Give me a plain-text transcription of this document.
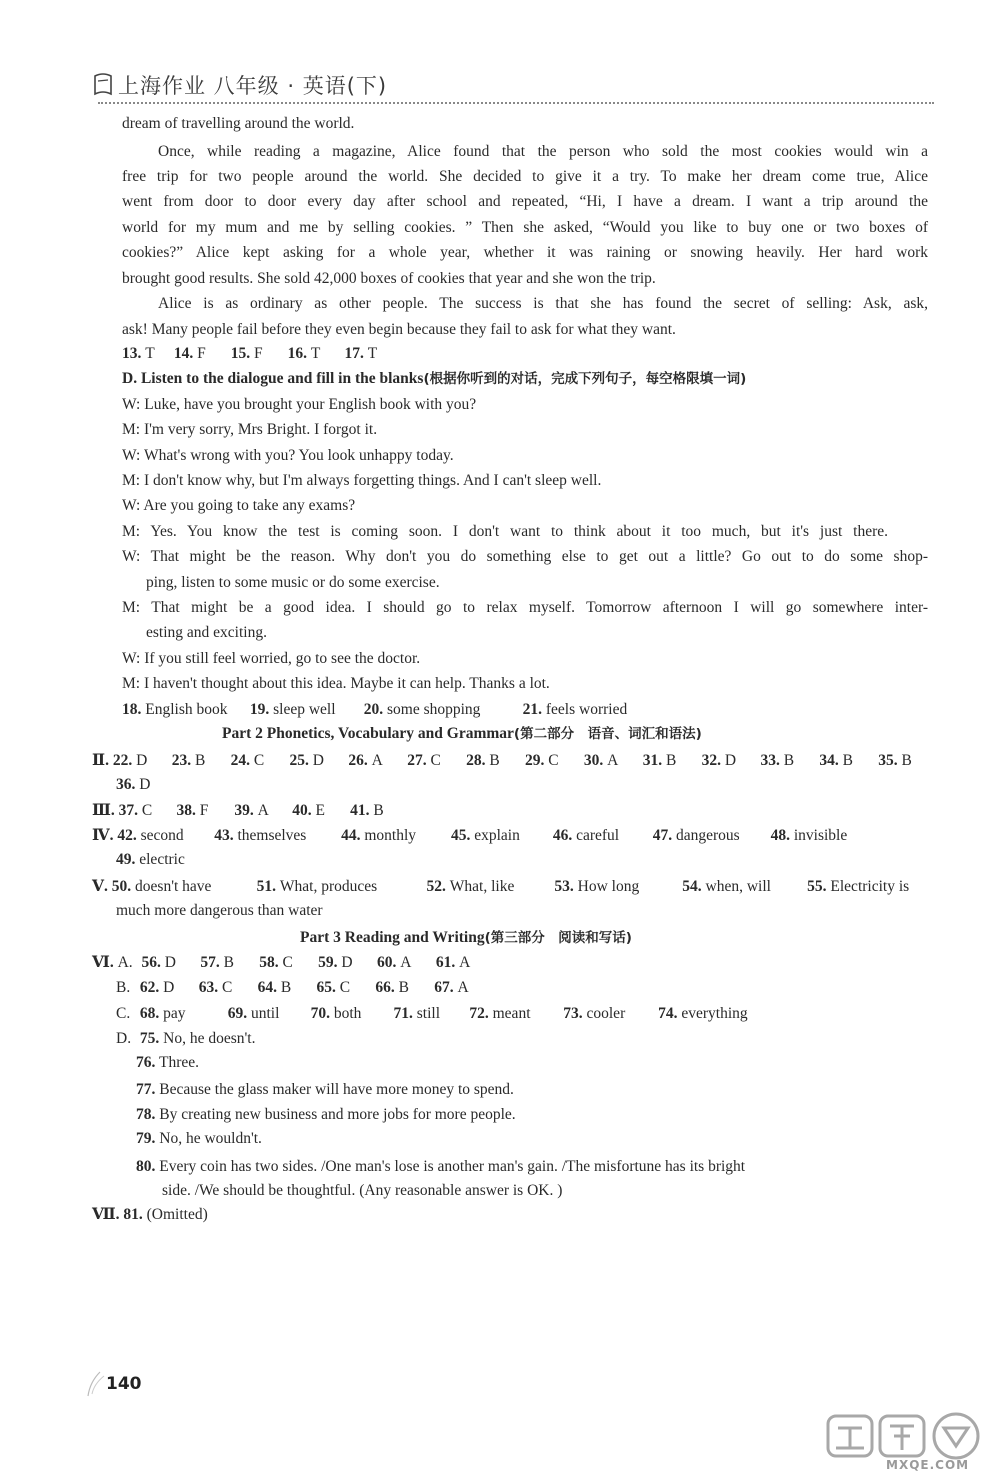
上海作业 八年级 · 英语(下)
dream of travelling around the world.
Once, while reading a magazine, Alice found that the person who sold the most cookies would win a
free trip for two people around the world. She decided to give it a try. To make her dream come true, Alice
went from door to door every day after school and repeated, “Hi, I have a dream. I want a trip around the
world for my mum and me by selling cookies. ” Then she asked, “Would you like to buy one or two boxes of
cookies?” Alice kept asking for a whole year, whether it was raining or snowing heavily. Her hard work
brought good results. She sold 42,000 boxes of cookies that year and she won the trip.
Alice is as ordinary as other people. The success is that she has found the secret of selling: Ask, ask,
ask! Many people fail before they even begin because they fail to ask for what they want.
13. T 14. F 15. F 16. T 17. T
D. Listen to the dialogue and fill in the blanks(根据你听到的对话，完成下列句子，每空格限填一词)
W: Luke, have you brought your English book with you?
M: I'm very sorry, Mrs Bright. I forgot it.
W: What's wrong with you? You look unhappy today.
M: I don't know why, but I'm always forgetting things. And I can't sleep well.
W: Are you going to take any exams?
M: Yes. You know the test is coming soon. I don't want to think about it too much, but it's just there.
W: That might be the reason. Why don't you do something else to get out a little? Go out to do some shop-
ping, listen to some music or do some exercise.
M: That might be a good idea. I should go to relax myself. Tomorrow afternoon I will go somewhere inter-
esting and exciting.
W: If you still feel worried, go to see the doctor.
M: I haven't thought about this idea. Maybe it can help. Thanks a lot.
18. English book 19. sleep well 20. some shopping	21. feels worried
Part 2 Phonetics, Vocabulary and Grammar(第二部分　语音、词汇和语法)
Ⅱ. 22. D 23. B 24. C 25. D 26. A 27. C 28. B 29. C 30. A 31. B 32. D 33. B 34. B 35. B
36. D
Ⅲ. 37. C 38. F 39. A 40. E 41. B
Ⅳ. 42. second 43. themselves 44. monthly 45. explain 46. careful 47. dangerous 48. invisible
49. electric
Ⅴ. 50. doesn't have	51. What, produces	52. What, like	53. How long	54. when, will 55. Electricity is
much more dangerous than water
Part 3 Reading and Writing(第三部分　阅读和写话)
Ⅵ. A. 56. D 57. B 58. C 59. D 60. A 61. A
B. 62. D 63. C 64. B 65. C 66. B 67. A
C. 68. pay	69. until 70. both 71. still 72. meant 73. cooler 74. everything
D. 75. No, he doesn't.
76. Three.
77. Because the glass maker will have more money to spend.
78. By creating new business and more jobs for more people.
79. No, he wouldn't.
80. Every coin has two sides. /One man's lose is another man's gain. /The misfortune has its bright
side. /We should be thoughtful. (Any reasonable answer is OK. )
Ⅶ. 81. (Omitted)
140
MXQE.COM
